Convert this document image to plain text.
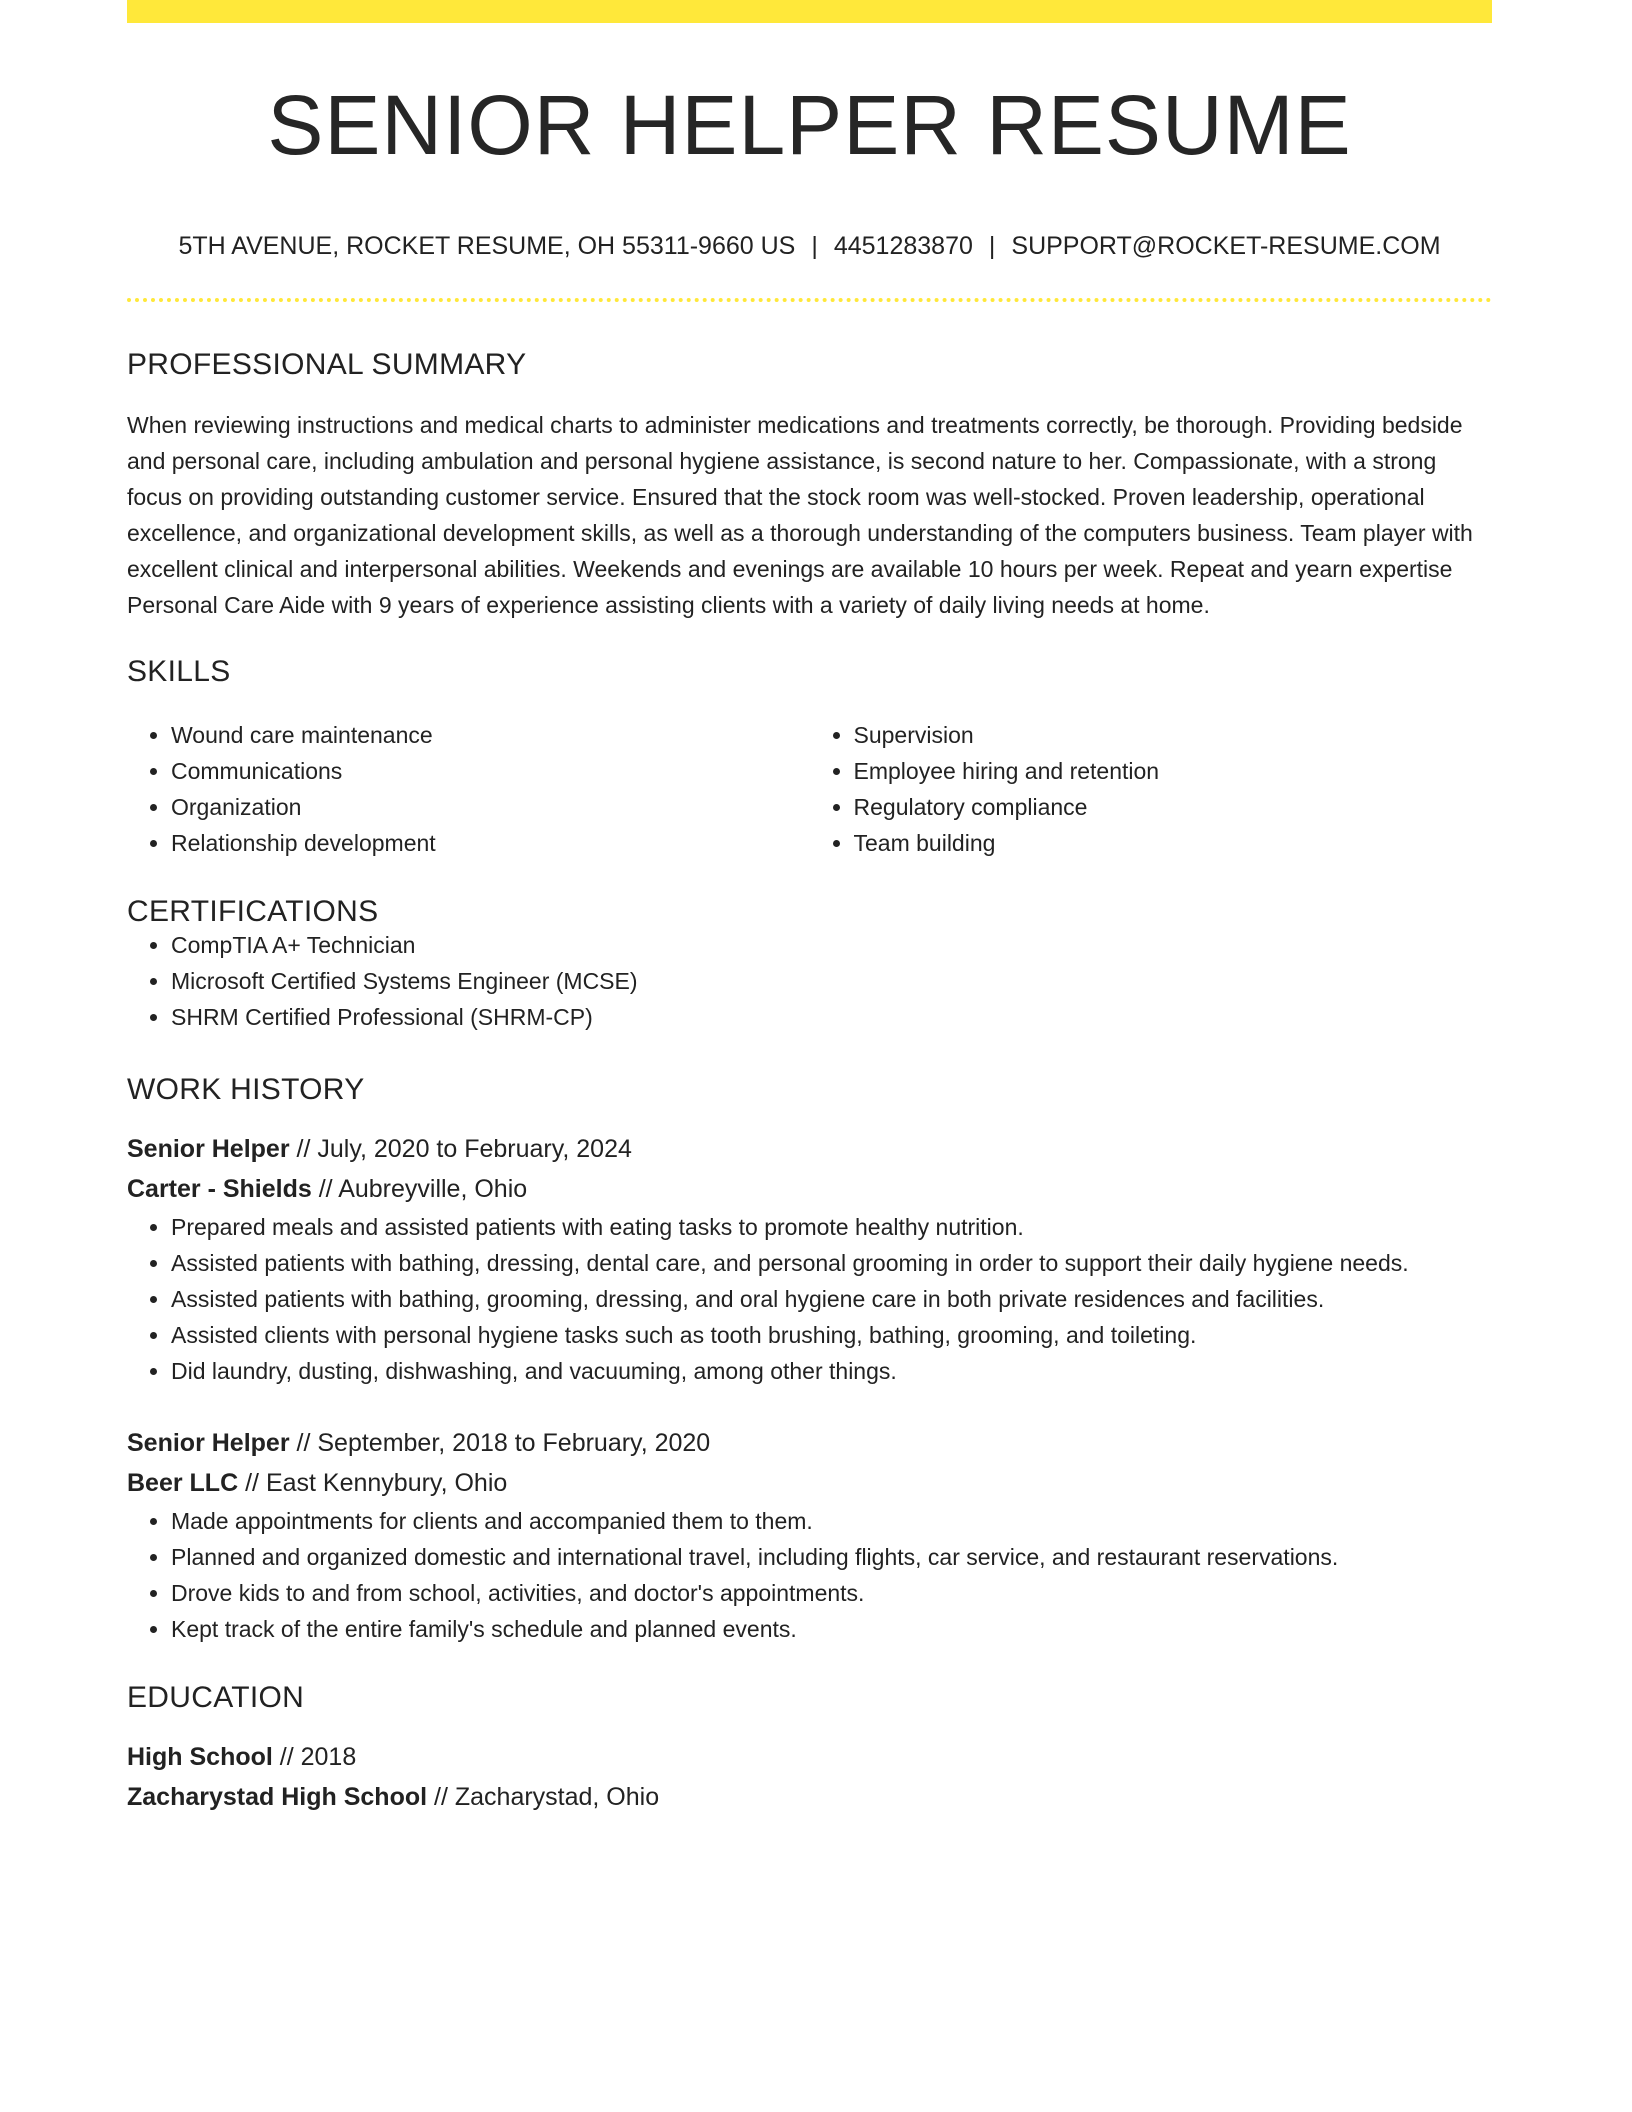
SENIOR HELPER RESUME
5TH AVENUE, ROCKET RESUME, OH 55311-9660 US | 4451283870 | SUPPORT@ROCKET-RESUME.COM
PROFESSIONAL SUMMARY

When reviewing instructions and medical charts to administer medications and treatments correctly, be thorough. Providing bedside and personal care, including ambulation and personal hygiene assistance, is second nature to her. Compassionate, with a strong focus on providing outstanding customer service. Ensured that the stock room was well-stocked. Proven leadership, operational excellence, and organizational development skills, as well as a thorough understanding of the computers business. Team player with excellent clinical and interpersonal abilities. Weekends and evenings are available 10 hours per week. Repeat and yearn expertise Personal Care Aide with 9 years of experience assisting clients with a variety of daily living needs at home.

SKILLS
• Wound care maintenance
• Communications
• Organization
• Relationship development
• Supervision
• Employee hiring and retention
• Regulatory compliance
• Team building
CERTIFICATIONS
• CompTIA A+ Technician
• Microsoft Certified Systems Engineer (MCSE)
• SHRM Certified Professional (SHRM-CP)
WORK HISTORY
Senior Helper // July, 2020 to February, 2024
Carter - Shields // Aubreyville, Ohio
• Prepared meals and assisted patients with eating tasks to promote healthy nutrition.
• Assisted patients with bathing, dressing, dental care, and personal grooming in order to support their daily hygiene needs.
• Assisted patients with bathing, grooming, dressing, and oral hygiene care in both private residences and facilities.
• Assisted clients with personal hygiene tasks such as tooth brushing, bathing, grooming, and toileting.
• Did laundry, dusting, dishwashing, and vacuuming, among other things.
Senior Helper // September, 2018 to February, 2020
Beer LLC // East Kennybury, Ohio
• Made appointments for clients and accompanied them to them.
• Planned and organized domestic and international travel, including flights, car service, and restaurant reservations.
• Drove kids to and from school, activities, and doctor's appointments.
• Kept track of the entire family's schedule and planned events.
EDUCATION
High School // 2018
Zacharystad High School // Zacharystad, Ohio
